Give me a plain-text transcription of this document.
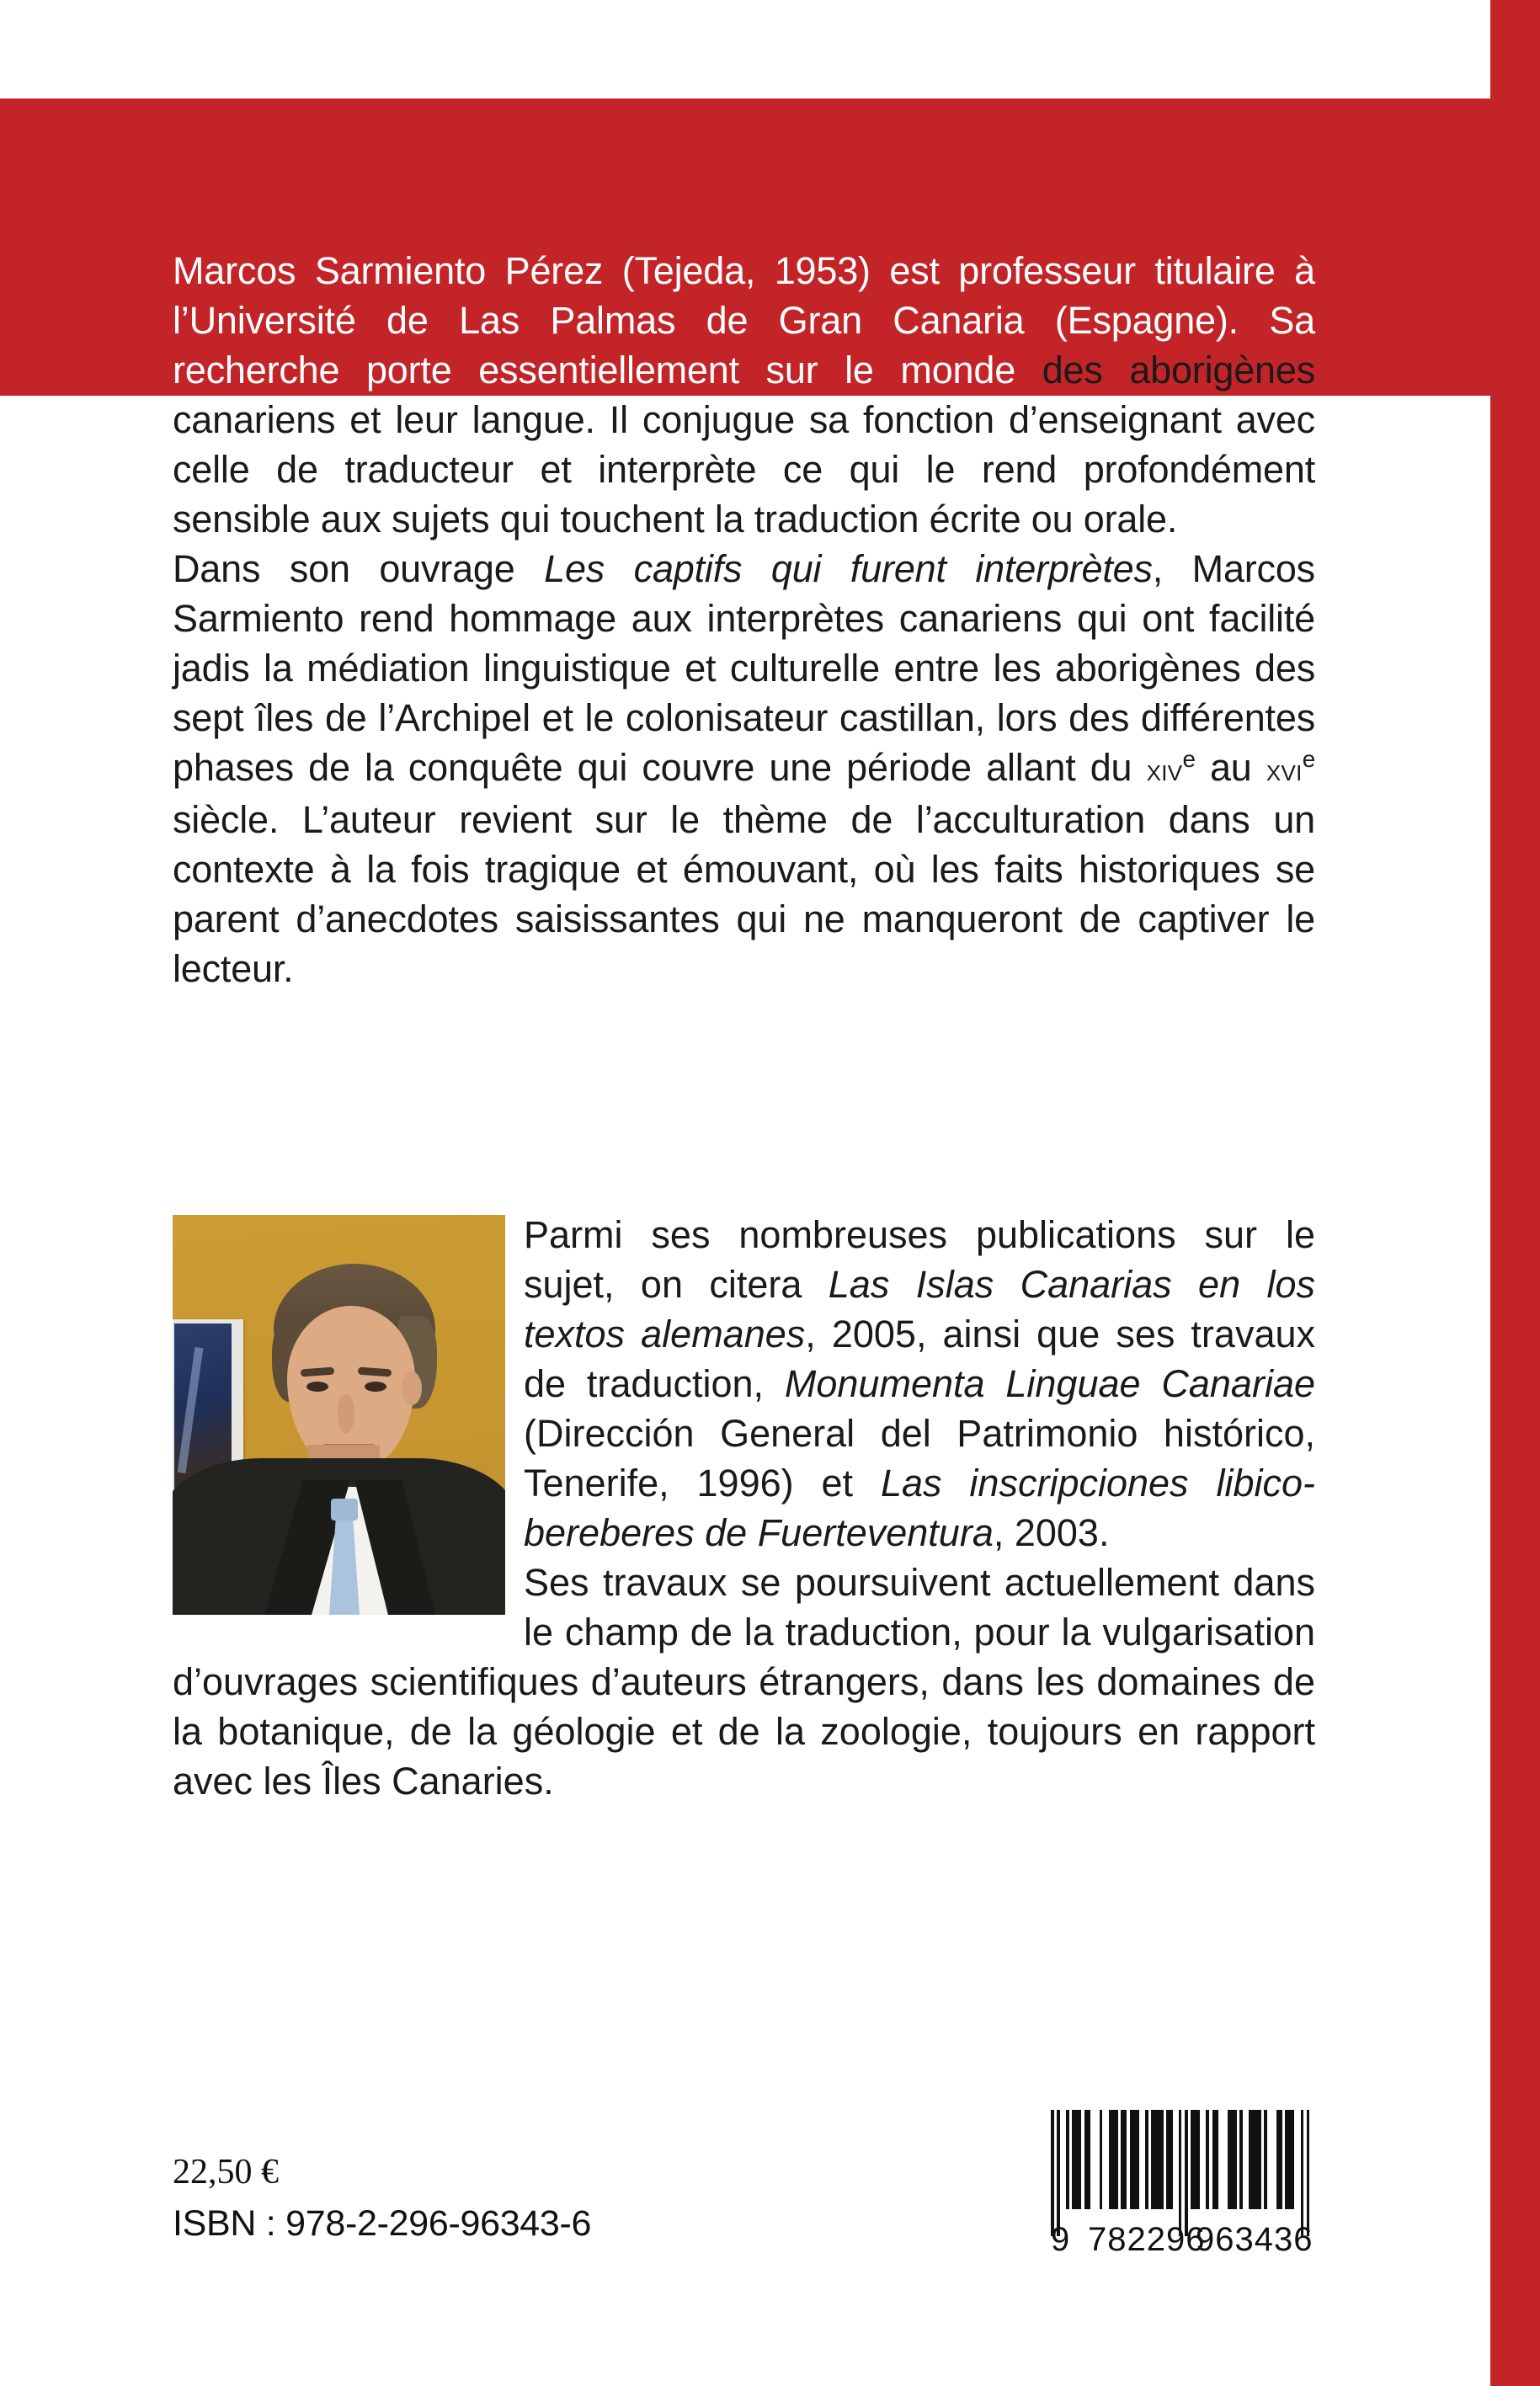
Marcos Sarmiento Pérez (Tejeda, 1953) est professeur titulaire à l’Université de Las Palmas de Gran Canaria (Espagne). Sa recherche porte essentiellement sur le monde des aborigènes canariens et leur langue. Il conjugue sa fonction d’enseignant avec celle de traducteur et interprète ce qui le rend profondément sensible aux sujets qui touchent la traduction écrite ou orale.

Dans son ouvrage Les captifs qui furent interprètes, Marcos Sarmiento rend hommage aux interprètes canariens qui ont facilité jadis la médiation linguistique et culturelle entre les aborigènes des sept îles de l’Archipel et le colonisateur castillan, lors des différentes phases de la conquête qui couvre une période allant du xiv$^e$ au xvi$^e$ siècle. L’auteur revient sur le thème de l’acculturation dans un contexte à la fois tragique et émouvant, où les faits historiques se parent d’anecdotes saisissantes qui ne manqueront de captiver le lecteur.

Parmi ses nombreuses publications sur le sujet, on citera Las Islas Canarias en los textos alemanes, 2005, ainsi que ses travaux de traduction, Monumenta Linguae Canariae (Dirección General del Patrimonio histórico, Tenerife, 1996) et Las inscripciones libico-bereberes de Fuerteventura, 2003.

Ses travaux se poursuivent actuellement dans le champ de la traduction, pour la vulgarisation d’ouvrages scientifiques d’auteurs étrangers, dans les domaines de la botanique, de la géologie et de la zoologie, toujours en rapport avec les Îles Canaries.

22,50 €
ISBN : 978-2-296-96343-6	9 782296
963436
